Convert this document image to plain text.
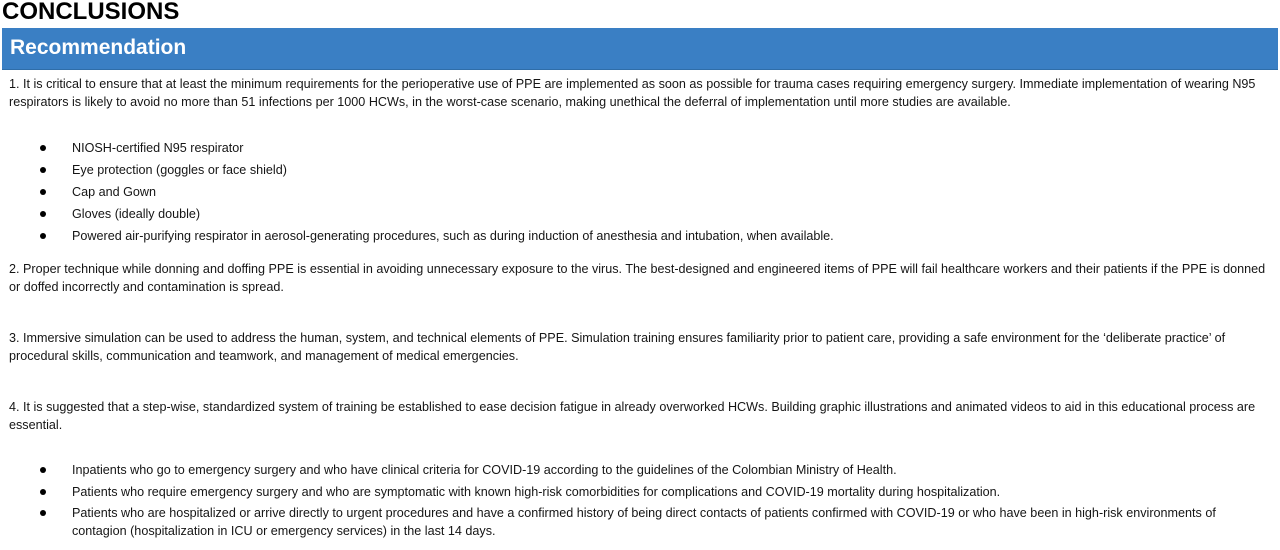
CONCLUSIONS
Recommendation

1. It is critical to ensure that at least the minimum requirements for the perioperative use of PPE are implemented as soon as possible for trauma cases requiring emergency surgery. Immediate implementation of wearing N95 respirators is likely to avoid no more than 51 infections per 1000 HCWs, in the worst-case scenario, making unethical the deferral of implementation until more studies are available.

NIOSH-certified N95 respirator
Eye protection (goggles or face shield)
Cap and Gown
Gloves (ideally double)
Powered air-purifying respirator in aerosol-generating procedures, such as during induction of anesthesia and intubation, when available.

2. Proper technique while donning and doffing PPE is essential in avoiding unnecessary exposure to the virus. The best-designed and engineered items of PPE will fail healthcare workers and their patients if the PPE is donned or doffed incorrectly and contamination is spread.

3. Immersive simulation can be used to address the human, system, and technical elements of PPE. Simulation training ensures familiarity prior to patient care, providing a safe environment for the ‘deliberate practice’ of procedural skills, communication and teamwork, and management of medical emergencies.

4. It is suggested that a step-wise, standardized system of training be established to ease decision fatigue in already overworked HCWs. Building graphic illustrations and animated videos to aid in this educational process are essential.

Inpatients who go to emergency surgery and who have clinical criteria for COVID-19 according to the guidelines of the Colombian Ministry of Health.
Patients who require emergency surgery and who are symptomatic with known high-risk comorbidities for complications and COVID-19 mortality during hospitalization.
Patients who are hospitalized or arrive directly to urgent procedures and have a confirmed history of being direct contacts of patients confirmed with COVID-19 or who have been in high-risk environments of contagion (hospitalization in ICU or emergency services) in the last 14 days.
